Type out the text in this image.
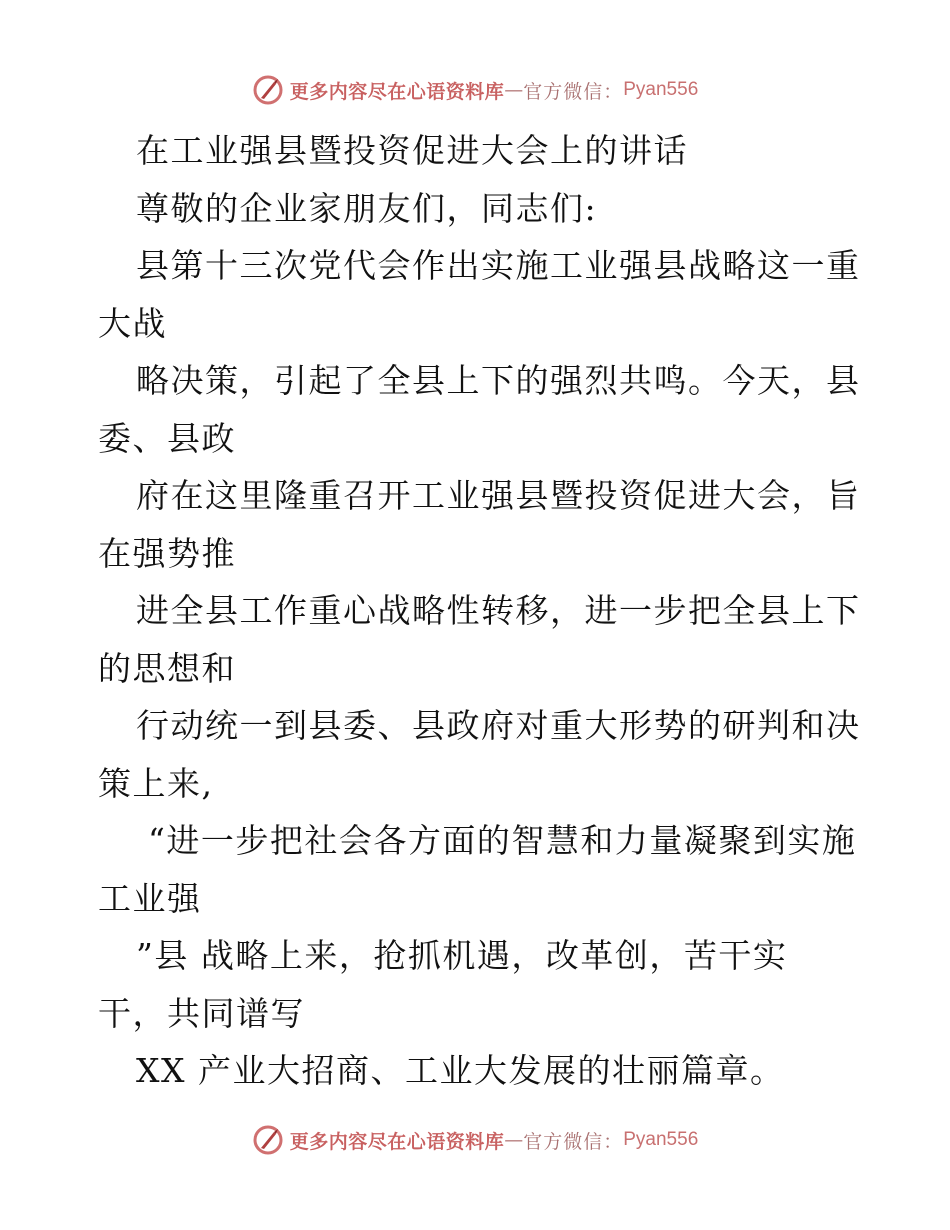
更多内容尽在心语资料库 — 官方微信： Pyan556
在工业强县暨投资促进大会上的讲话
尊敬的企业家朋友们，同志们:
县第十三次党代会作出实施工业强县战略这一重
大战
略决策，引起了全县上下的强烈共鸣。今天，县
委、县政
府在这里隆重召开工业强县暨投资促进大会，旨
在强势推
进全县工作重心战略性转移，进一步把全县上下
的思想和
行动统一到县委、县政府对重大形势的研判和决
策上来,
“进一步把社会各方面的智慧和力量凝聚到实施
工业强
”县 战略上来，抢抓机遇，改革创，苦干实
干，共同谱写
XX 产业大招商、工业大发展的壮丽篇章。
更多内容尽在心语资料库 — 官方微信： Pyan556
